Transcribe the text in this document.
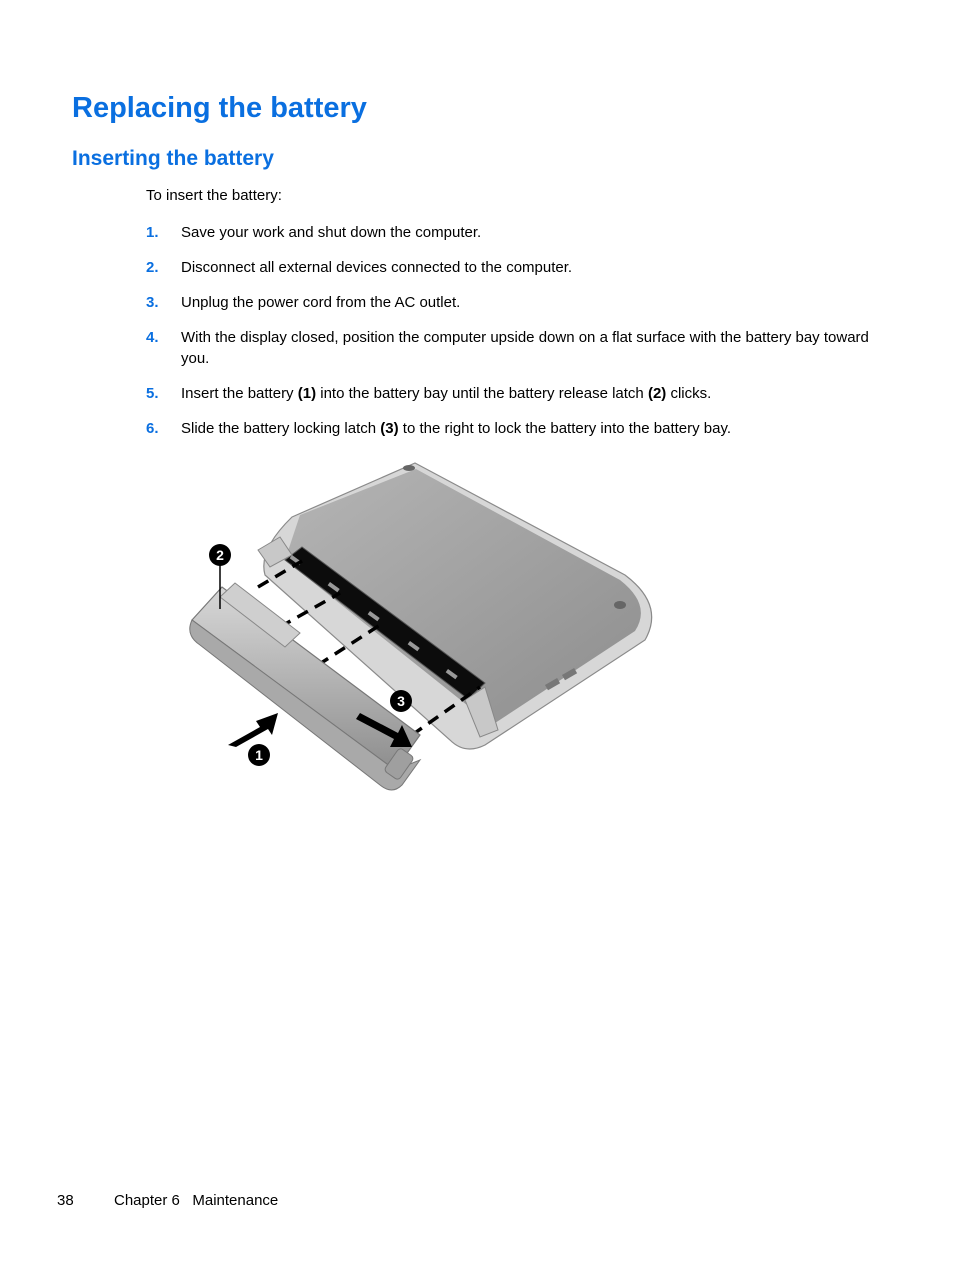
Replacing the battery
Inserting the battery
To insert the battery:
1. Save your work and shut down the computer.
2. Disconnect all external devices connected to the computer.
3. Unplug the power cord from the AC outlet.
4. With the display closed, position the computer upside down on a flat surface with the battery bay toward you.
5. Insert the battery (1) into the battery bay until the battery release latch (2) clicks.
6. Slide the battery locking latch (3) to the right to lock the battery into the battery bay.
1
2
3
38	Chapter 6   Maintenance
